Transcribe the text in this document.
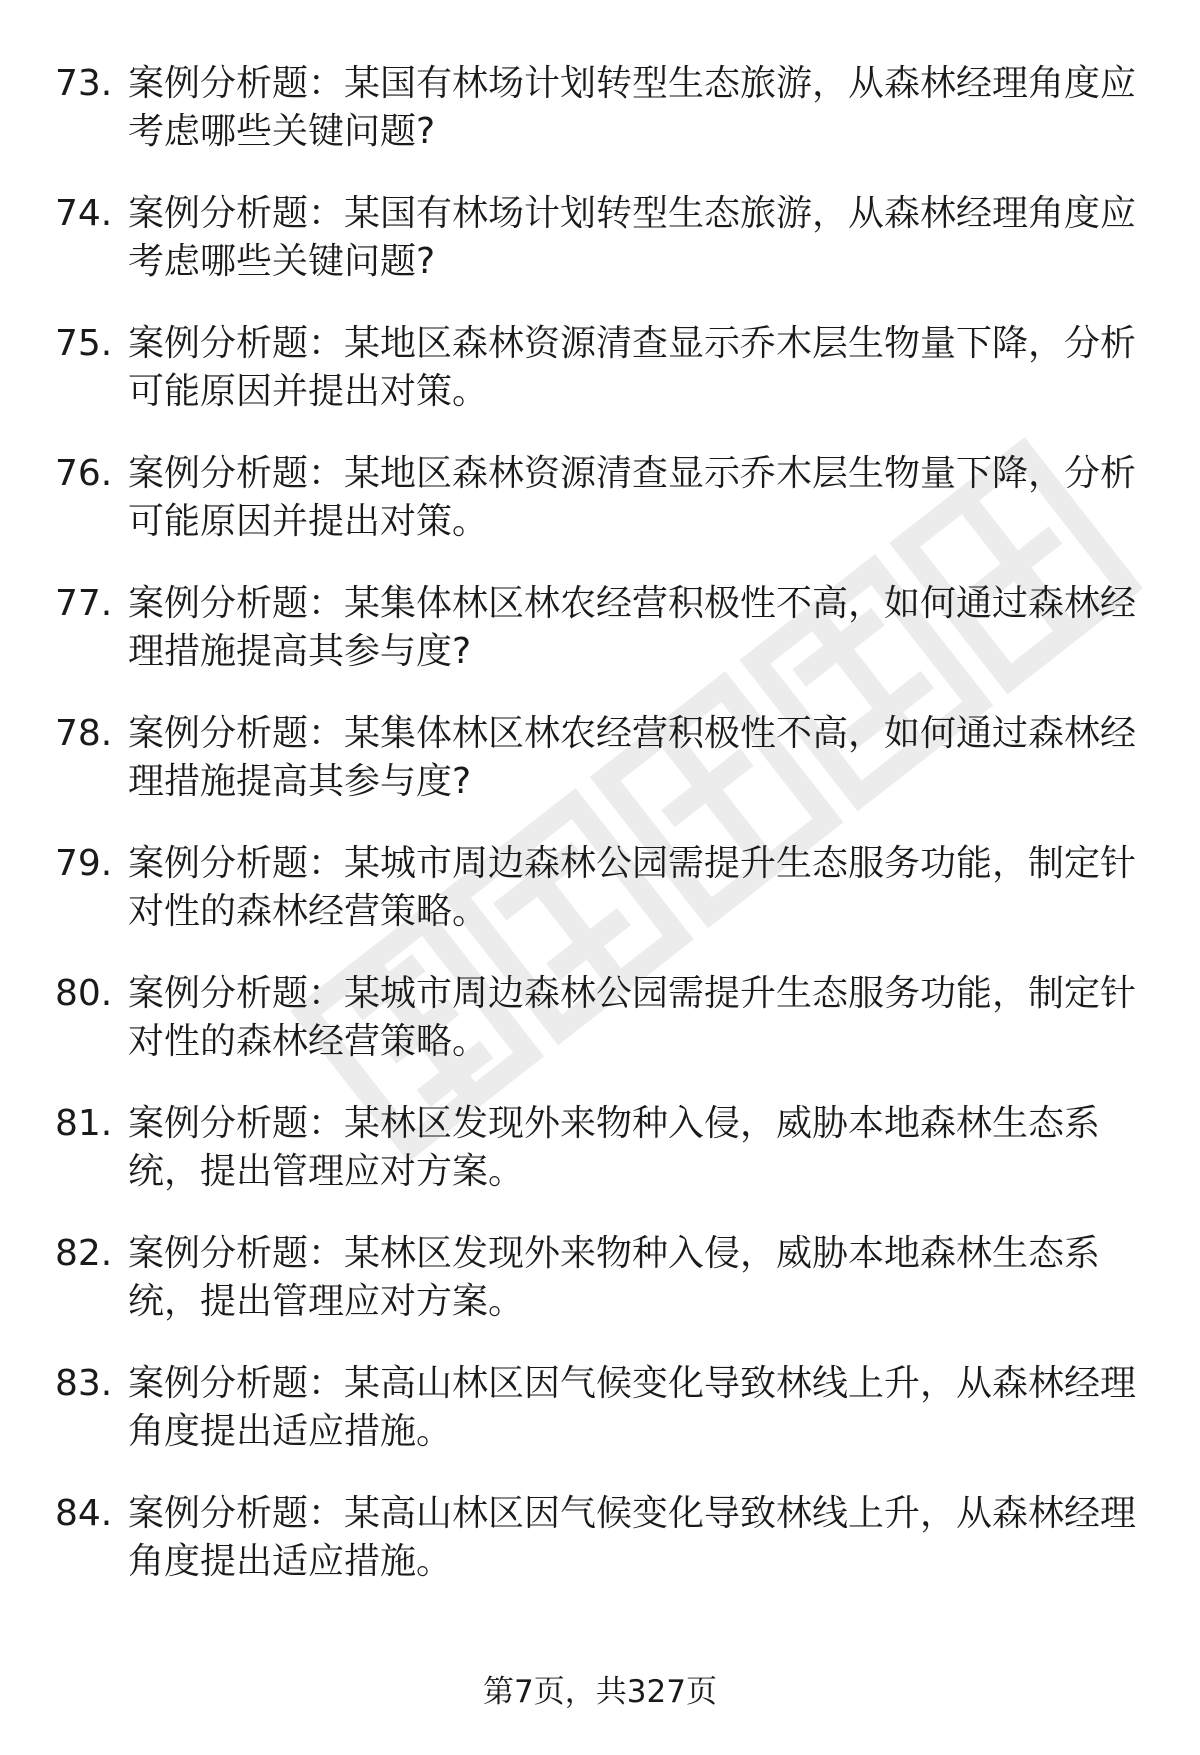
73. 案例分析题：某国有林场计划转型生态旅游，从森林经理角度应
考虑哪些关键问题?
74. 案例分析题：某国有林场计划转型生态旅游，从森林经理角度应
考虑哪些关键问题?
75. 案例分析题：某地区森林资源清查显示乔木层生物量下降，分析
可能原因并提出对策。
76. 案例分析题：某地区森林资源清查显示乔木层生物量下降，分析
可能原因并提出对策。
77. 案例分析题：某集体林区林农经营积极性不高，如何通过森林经
理措施提高其参与度?
78. 案例分析题：某集体林区林农经营积极性不高，如何通过森林经
理措施提高其参与度?
79. 案例分析题：某城市周边森林公园需提升生态服务功能，制定针
对性的森林经营策略。
80. 案例分析题：某城市周边森林公园需提升生态服务功能，制定针
对性的森林经营策略。
81. 案例分析题：某林区发现外来物种入侵，威胁本地森林生态系
统，提出管理应对方案。
82. 案例分析题：某林区发现外来物种入侵，威胁本地森林生态系
统，提出管理应对方案。
83. 案例分析题：某高山林区因气候变化导致林线上升，从森林经理
角度提出适应措施。
84. 案例分析题：某高山林区因气候变化导致林线上升，从森林经理
角度提出适应措施。
第7页，共327页
